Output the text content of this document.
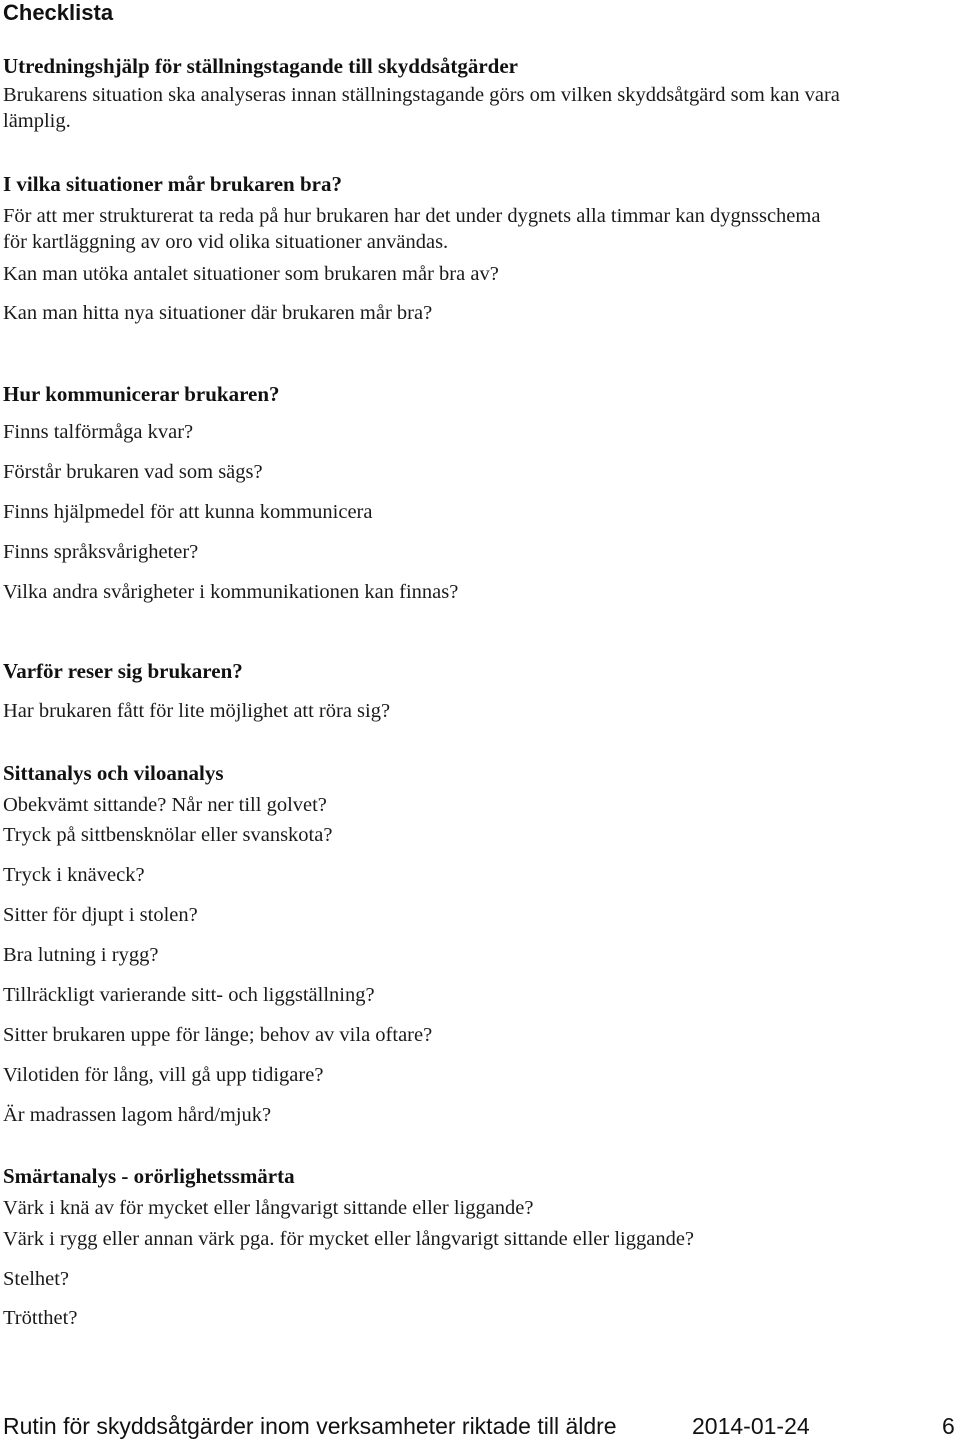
Checklista
Utredningshjälp för ställningstagande till skyddsåtgärder
Brukarens situation ska analyseras innan ställningstagande görs om vilken skyddsåtgärd som kan vara
lämplig.
I vilka situationer mår brukaren bra?
För att mer strukturerat ta reda på hur brukaren har det under dygnets alla timmar kan dygnsschema
för kartläggning av oro vid olika situationer användas.
Kan man utöka antalet situationer som brukaren mår bra av?
Kan man hitta nya situationer där brukaren mår bra?
Hur kommunicerar brukaren?
Finns talförmåga kvar?
Förstår brukaren vad som sägs?
Finns hjälpmedel för att kunna kommunicera
Finns språksvårigheter?
Vilka andra svårigheter i kommunikationen kan finnas?
Varför reser sig brukaren?
Har brukaren fått för lite möjlighet att röra sig?
Sittanalys och viloanalys
Obekvämt sittande? Når ner till golvet?
Tryck på sittbensknölar eller svanskota?
Tryck i knäveck?
Sitter för djupt i stolen?
Bra lutning i rygg?
Tillräckligt varierande sitt- och liggställning?
Sitter brukaren uppe för länge; behov av vila oftare?
Vilotiden för lång, vill gå upp tidigare?
Är madrassen lagom hård/mjuk?
Smärtanalys - orörlighetssmärta
Värk i knä av för mycket eller långvarigt sittande eller liggande?
Värk i rygg eller annan värk pga. för mycket eller långvarigt sittande eller liggande?
Stelhet?
Trötthet?
Rutin för skyddsåtgärder inom verksamheter riktade till äldre	2014-01-24	6
